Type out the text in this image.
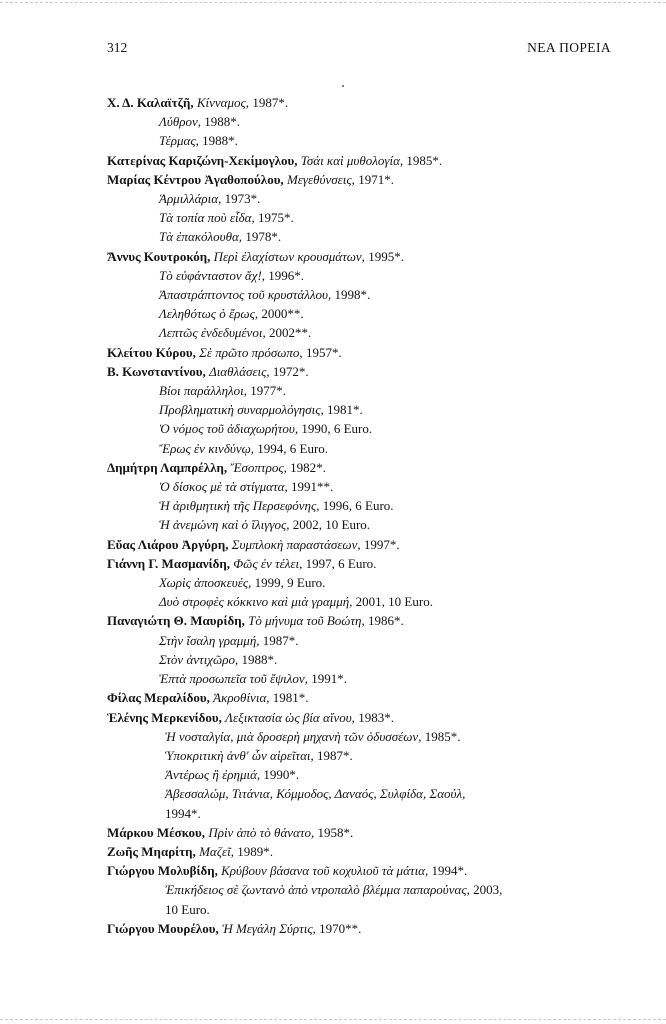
312	ΝΕΑ ΠΟΡΕΙΑ
Χ. Δ. Καλαϊτζῆ, Κίνναμος, 1987*.
Λύθρον, 1988*.
Τέρμας, 1988*.
Κατερίνας Καριζώνη-Χεκίμογλου, Τσάι καὶ μυθολογία, 1985*.
Μαρίας Κέντρου Ἀγαθοπούλου, Μεγεθύνσεις, 1971*.
Ἁρμιλλάρια, 1973*.
Τὰ τοπία ποὺ εἶδα, 1975*.
Τὰ ἐπακόλουθα, 1978*.
Ἄννυς Κουτροκόη, Περὶ ἐλαχίστων κρουσμάτων, 1995*.
Τὸ εὐφάνταστον ἄχ!, 1996*.
Ἀπαστράπτοντος τοῦ κρυστάλλου, 1998*.
Λεληθότως ὁ ἔρως, 2000**.
Λεπτῶς ἐνδεδυμένοι, 2002**.
Κλείτου Κύρου, Σὲ πρῶτο πρόσωπο, 1957*.
Β. Κωνσταντίνου, Διαθλάσεις, 1972*.
Βίοι παράλληλοι, 1977*.
Προβληματικὴ συναρμολόγησις, 1981*.
Ὁ νόμος τοῦ ἀδιαχωρήτου, 1990, 6 Euro.
Ἔρως ἐν κινδύνῳ, 1994, 6 Euro.
Δημήτρη Λαμπρέλλη, Ἔσοπτρος, 1982*.
Ὁ δίσκος μὲ τὰ στίγματα, 1991**.
Ἡ ἀριθμητικὴ τῆς Περσεφόνης, 1996, 6 Euro.
Ἡ ἀνεμώνη καὶ ὁ ἴλιγγος, 2002, 10 Euro.
Εὔας Λιάρου Ἀργύρη, Συμπλοκὴ παραστάσεων, 1997*.
Γιάννη Γ. Μασμανίδη, Φῶς ἐν τέλει, 1997, 6 Euro.
Χωρὶς ἀποσκευές, 1999, 9 Euro.
Δυὸ στροφὲς κόκκινο καὶ μιὰ γραμμή, 2001, 10 Euro.
Παναγιώτη Θ. Μαυρίδη, Τὸ μήνυμα τοῦ Βοώτη, 1986*.
Στὴν ἴσαλη γραμμή, 1987*.
Στὸν ἀντιχῶρο, 1988*.
Ἑπτὰ προσωπεῖα τοῦ ἔψιλον, 1991*.
Φίλας Μεραλίδου, Ἀκροθίνια, 1981*.
Ἑλένης Μερκενίδου, Λεξικτασία ὡς βία αἴνου, 1983*.
Ἡ νοσταλγία, μιὰ δροσερὴ μηχανὴ τῶν ὀδυσσέων, 1985*.
Ὑποκριτικὴ ἀνθ' ὧν αἱρεῖται, 1987*.
Ἀντέρως ἢ ἐρημιά, 1990*.
Ἀβεσσαλώμ, Τιτάνια, Κόμμοδος, Δαναός, Συλφίδα, Σαούλ,
1994*.
Μάρκου Μέσκου, Πρὶν ἀπὸ τὸ θάνατο, 1958*.
Ζωῆς Μηαρίτη, Μαζεῖ, 1989*.
Γιώργου Μολυβίδη, Κρύβουν βάσανα τοῦ κοχυλιοῦ τὰ μάτια, 1994*.
Ἐπικήδειος σὲ ζωντανὸ ἀπὸ ντροπαλὸ βλέμμα παπαρούνας, 2003,
10 Euro.
Γιώργου Μουρέλου, Ἡ Μεγάλη Σύρτις, 1970**.
